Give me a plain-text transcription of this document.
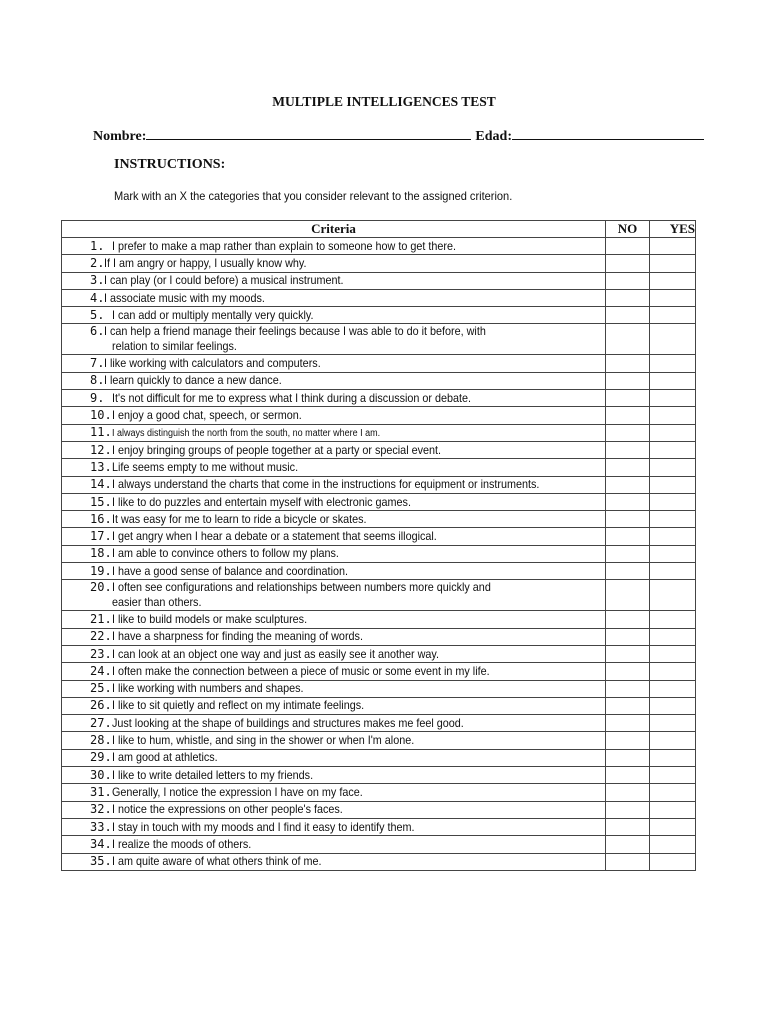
MULTIPLE INTELLIGENCES TEST
Nombre:	Edad:
INSTRUCTIONS:
Mark with an X the categories that you consider relevant to the assigned criterion.
Criteria	NO	YES

1. I prefer to make a map rather than explain to someone how to get there.		

2.If I am angry or happy, I usually know why.		

3.I can play (or I could before) a musical instrument.		

4.I associate music with my moods.		

5. I can add or multiply mentally very quickly.		

6.I can help a friend manage their feelings because I was able to do it before, with
relation to similar feelings.		

7.I like working with calculators and computers.		

8.I learn quickly to dance a new dance.		

9. It's not difficult for me to express what I think during a discussion or debate.		

10.I enjoy a good chat, speech, or sermon.		

11.I always distinguish the north from the south, no matter where I am.		

12.I enjoy bringing groups of people together at a party or special event.		

13.Life seems empty to me without music.		

14.I always understand the charts that come in the instructions for equipment or instruments.		

15.I like to do puzzles and entertain myself with electronic games.		

16.It was easy for me to learn to ride a bicycle or skates.		

17.I get angry when I hear a debate or a statement that seems illogical.		

18.I am able to convince others to follow my plans.		

19.I have a good sense of balance and coordination.		

20.I often see configurations and relationships between numbers more quickly and
easier than others.		

21.I like to build models or make sculptures.		

22.I have a sharpness for finding the meaning of words.		

23.I can look at an object one way and just as easily see it another way.		

24.I often make the connection between a piece of music or some event in my life.		

25.I like working with numbers and shapes.		

26.I like to sit quietly and reflect on my intimate feelings.		

27.Just looking at the shape of buildings and structures makes me feel good.		

28.I like to hum, whistle, and sing in the shower or when I'm alone.		

29.I am good at athletics.		

30.I like to write detailed letters to my friends.		

31.Generally, I notice the expression I have on my face.		

32.I notice the expressions on other people's faces.		

33.I stay in touch with my moods and I find it easy to identify them.		

34.I realize the moods of others.		

35.I am quite aware of what others think of me.		
